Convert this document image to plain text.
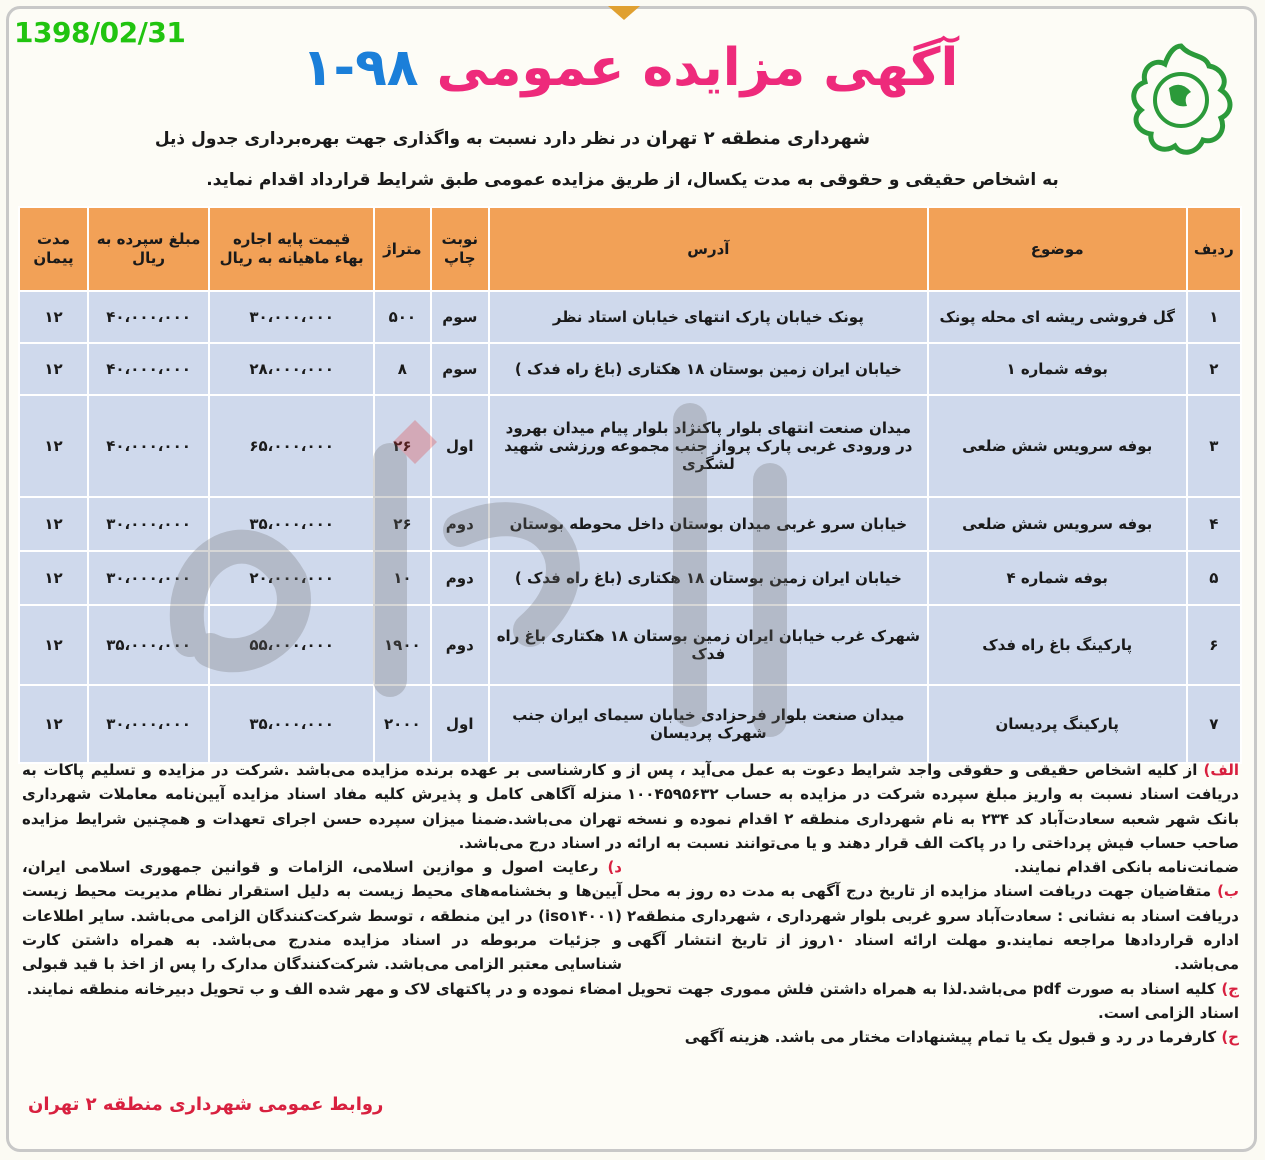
1398/02/31
آگهی مزایده عمومی ۹۸-۱
شهرداری منطقه ۲ تهران در نظر دارد نسبت به واگذاری جهت بهره‌برداری جدول ذیل
به اشخاص حقیقی و حقوقی به مدت یکسال، از طریق مزایده عمومی طبق شرایط قرارداد اقدام نماید.
ردیف	موضوع	آدرس	نوبت چاپ	متراژ	قیمت پایه اجاره بهاء ماهیانه به ریال	مبلغ سپرده به ریال	مدت پیمان
۱	گل فروشی ریشه ای محله پونک	پونک خیابان پارک انتهای خیابان استاد نظر	سوم	۵۰۰	۳۰،۰۰۰،۰۰۰	۴۰،۰۰۰،۰۰۰	۱۲
۲	بوفه شماره ۱	خیابان ایران زمین بوستان ۱۸ هکتاری (باغ راه فدک )	سوم	۸	۲۸،۰۰۰،۰۰۰	۴۰،۰۰۰،۰۰۰	۱۲
۳	بوفه سرویس شش ضلعی	میدان صنعت انتهای بلوار پاکنژاد بلوار پیام میدان بهرود در ورودی غربی پارک پرواز جنب مجموعه ورزشی شهید لشگری	اول	۲۶	۶۵،۰۰۰،۰۰۰	۴۰،۰۰۰،۰۰۰	۱۲
۴	بوفه سرویس شش ضلعی	خیابان سرو غربی میدان بوستان داخل محوطه بوستان	دوم	۲۶	۳۵،۰۰۰،۰۰۰	۳۰،۰۰۰،۰۰۰	۱۲
۵	بوفه شماره ۴	خیابان ایران زمین بوستان ۱۸ هکتاری (باغ راه فدک )	دوم	۱۰	۲۰،۰۰۰،۰۰۰	۳۰،۰۰۰،۰۰۰	۱۲
۶	پارکینگ باغ راه فدک	شهرک غرب خیابان ایران زمین بوستان ۱۸ هکتاری باغ راه فدک	دوم	۱۹۰۰	۵۵،۰۰۰،۰۰۰	۳۵،۰۰۰،۰۰۰	۱۲
۷	پارکینگ پردیسان	میدان صنعت بلوار فرحزادی خیابان سیمای ایران جنب شهرک پردیسان	اول	۲۰۰۰	۳۵،۰۰۰،۰۰۰	۳۰،۰۰۰،۰۰۰	۱۲

الف) از کلیه اشخاص حقیقی و حقوقی واجد شرایط دعوت به عمل می‌آید ، پس از دریافت اسناد نسبت به واریز مبلغ سپرده شرکت در مزایده به حساب ۱۰۰۴۵۹۵۶۳۲ بانک شهر شعبه سعادت‌آباد کد ۲۳۴ به نام شهرداری منطقه ۲ اقدام نموده و نسخه صاحب حساب فیش پرداختی را در پاکت الف قرار دهند و یا می‌توانند نسبت به ارائه ضمانت‌نامه بانکی اقدام نمایند.

ب) متقاضیان جهت دریافت اسناد مزایده از تاریخ درج آگهی به مدت ده روز به محل دریافت اسناد به نشانی : سعادت‌آباد سرو غربی بلوار شهرداری ، شهرداری منطقه۲ اداره قراردادها مراجعه نمایند.و مهلت ارائه اسناد ۱۰روز از تاریخ انتشار آگهی می‌باشد.

ج) کلیه اسناد به صورت pdf می‌باشد.لذا به همراه داشتن فلش مموری جهت تحویل اسناد الزامی است.

ح) کارفرما در رد و قبول یک یا تمام پیشنهادات مختار می باشد. هزینه آگهی

و کارشناسی بر عهده برنده مزایده می‌باشد .شرکت در مزایده و تسلیم پاکات به منزله آگاهی کامل و پذیرش کلیه مفاد اسناد مزایده آیین‌نامه معاملات شهرداری تهران می‌باشد.ضمنا میزان سپرده حسن اجرای تعهدات و همچنین شرایط مزایده در اسناد درج می‌باشد.

د) رعایت اصول و موازین اسلامی، الزامات و قوانین جمهوری اسلامی ایران، آیین‌ها و بخشنامه‌های محیط زیست به دلیل استقرار نظام مدیریت محیط زیست (iso۱۴۰۰۱) در این منطقه ، توسط شرکت‌کنندگان الزامی می‌باشد. سایر اطلاعات و جزئیات مربوطه در اسناد مزایده مندرج می‌باشد. به همراه داشتن کارت شناسایی معتبر الزامی می‌باشد. شرکت‌کنندگان مدارک را پس از اخذ با قید قبولی امضاء نموده و در پاکتهای لاک و مهر شده الف و ب تحویل دبیرخانه منطقه نمایند.

روابط عمومی شهرداری منطقه ۲ تهران
